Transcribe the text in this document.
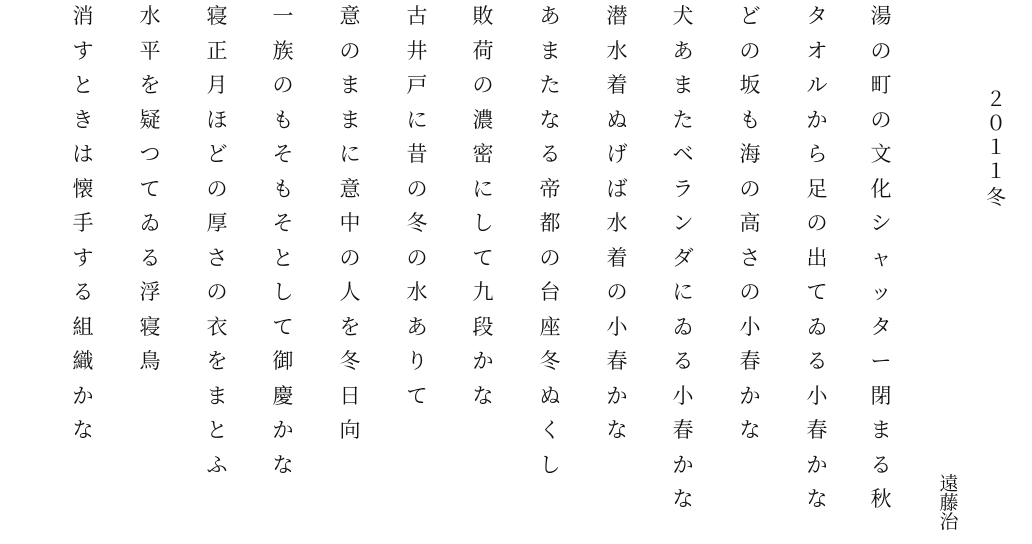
２
０
１
１
冬
遠
藤
治
湯
の
町
の
文
化
シ
ャ
ッ
タ
ー
閉
ま
る
秋
タ
オ
ル
か
ら
足
の
出
て
ゐ
る
小
春
か
な
ど
の
坂
も
海
の
高
さ
の
小
春
か
な
犬
あ
ま
た
ベ
ラ
ン
ダ
に
ゐ
る
小
春
か
な
潜
水
着
ぬ
げ
ば
水
着
の
小
春
か
な
あ
ま
た
な
る
帝
都
の
台
座
冬
ぬ
く
し
敗
荷
の
濃
密
に
し
て
九
段
か
な
古
井
戸
に
昔
の
冬
の
水
あ
り
て
意
の
ま
ま
に
意
中
の
人
を
冬
日
向
一
族
の
も
そ
も
そ
と
し
て
御
慶
か
な
寝
正
月
ほ
ど
の
厚
さ
の
衣
を
ま
と
ふ
水
平
を
疑
つ
て
ゐ
る
浮
寝
鳥
消
す
と
き
は
懐
手
す
る
組
織
か
な
